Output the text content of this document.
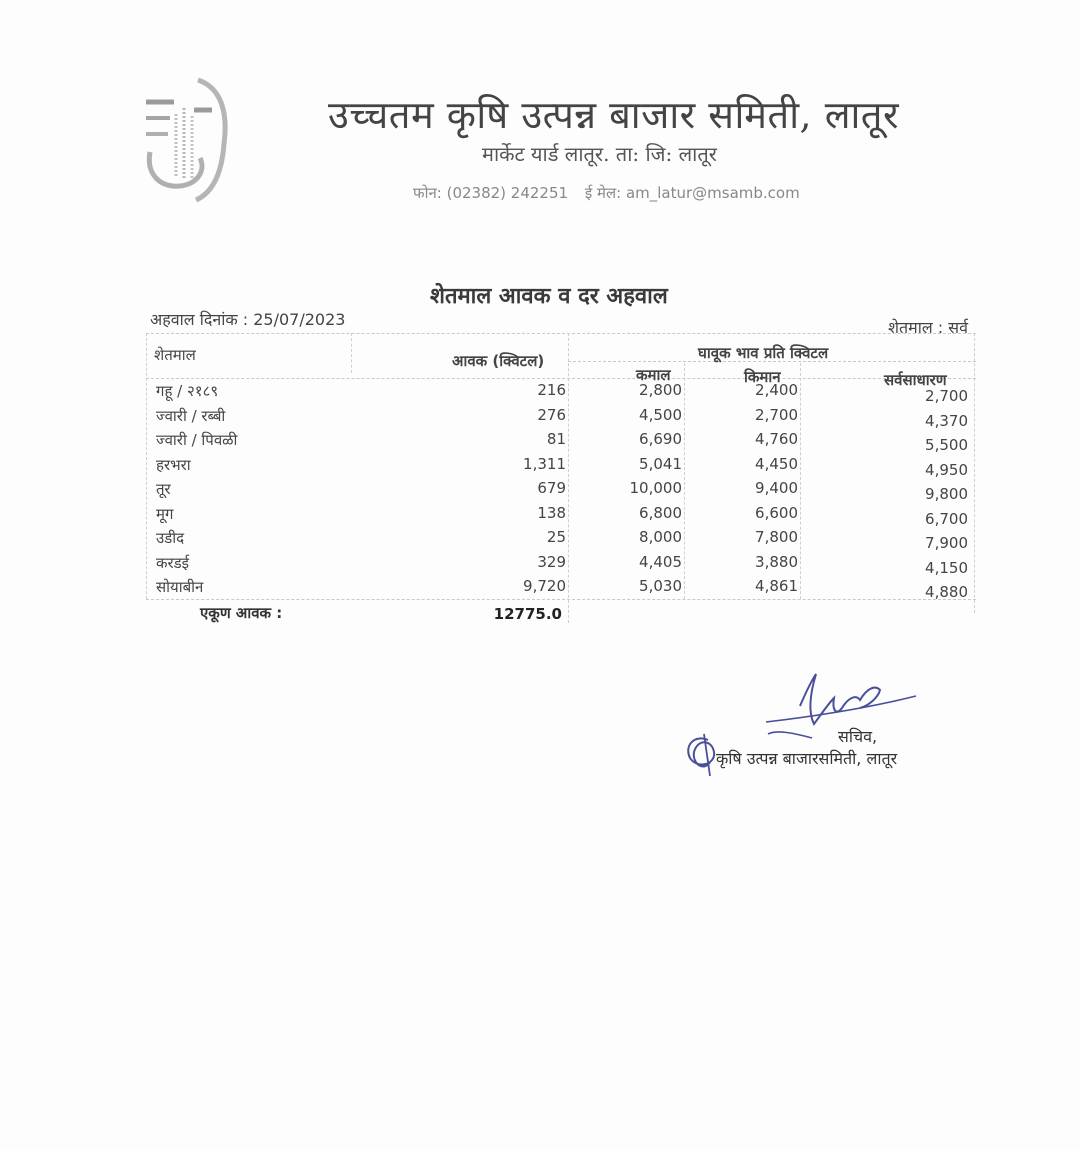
उच्चतम कृषि उत्पन्न बाजार समिती, लातूर
मार्केट यार्ड लातूर. ता: जि: लातूर
फोन: (02382) 242251 ई मेल: am_latur@msamb.com
शेतमाल आवक व दर अहवाल
अहवाल दिनांक : 25/07/2023	शेतमाल : सर्व
शेतमाल	आवक (क्विटल)	घावूक भाव प्रति क्विटल
कमाल	किमान	सर्वसाधारण
गहू / २१८९	216	2,800	2,400	2,700
ज्वारी / रब्बी	276	4,500	2,700	4,370
ज्वारी / पिवळी	81	6,690	4,760	5,500
हरभरा	1,311	5,041	4,450	4,950
तूर	679	10,000	9,400	9,800
मूग	138	6,800	6,600	6,700
उडीद	25	8,000	7,800	7,900
करडई	329	4,405	3,880	4,150
सोयाबीन	9,720	5,030	4,861	4,880
एकूण आवक :	12775.0
सचिव,
कृषि उत्पन्न बाजारसमिती, लातूर
